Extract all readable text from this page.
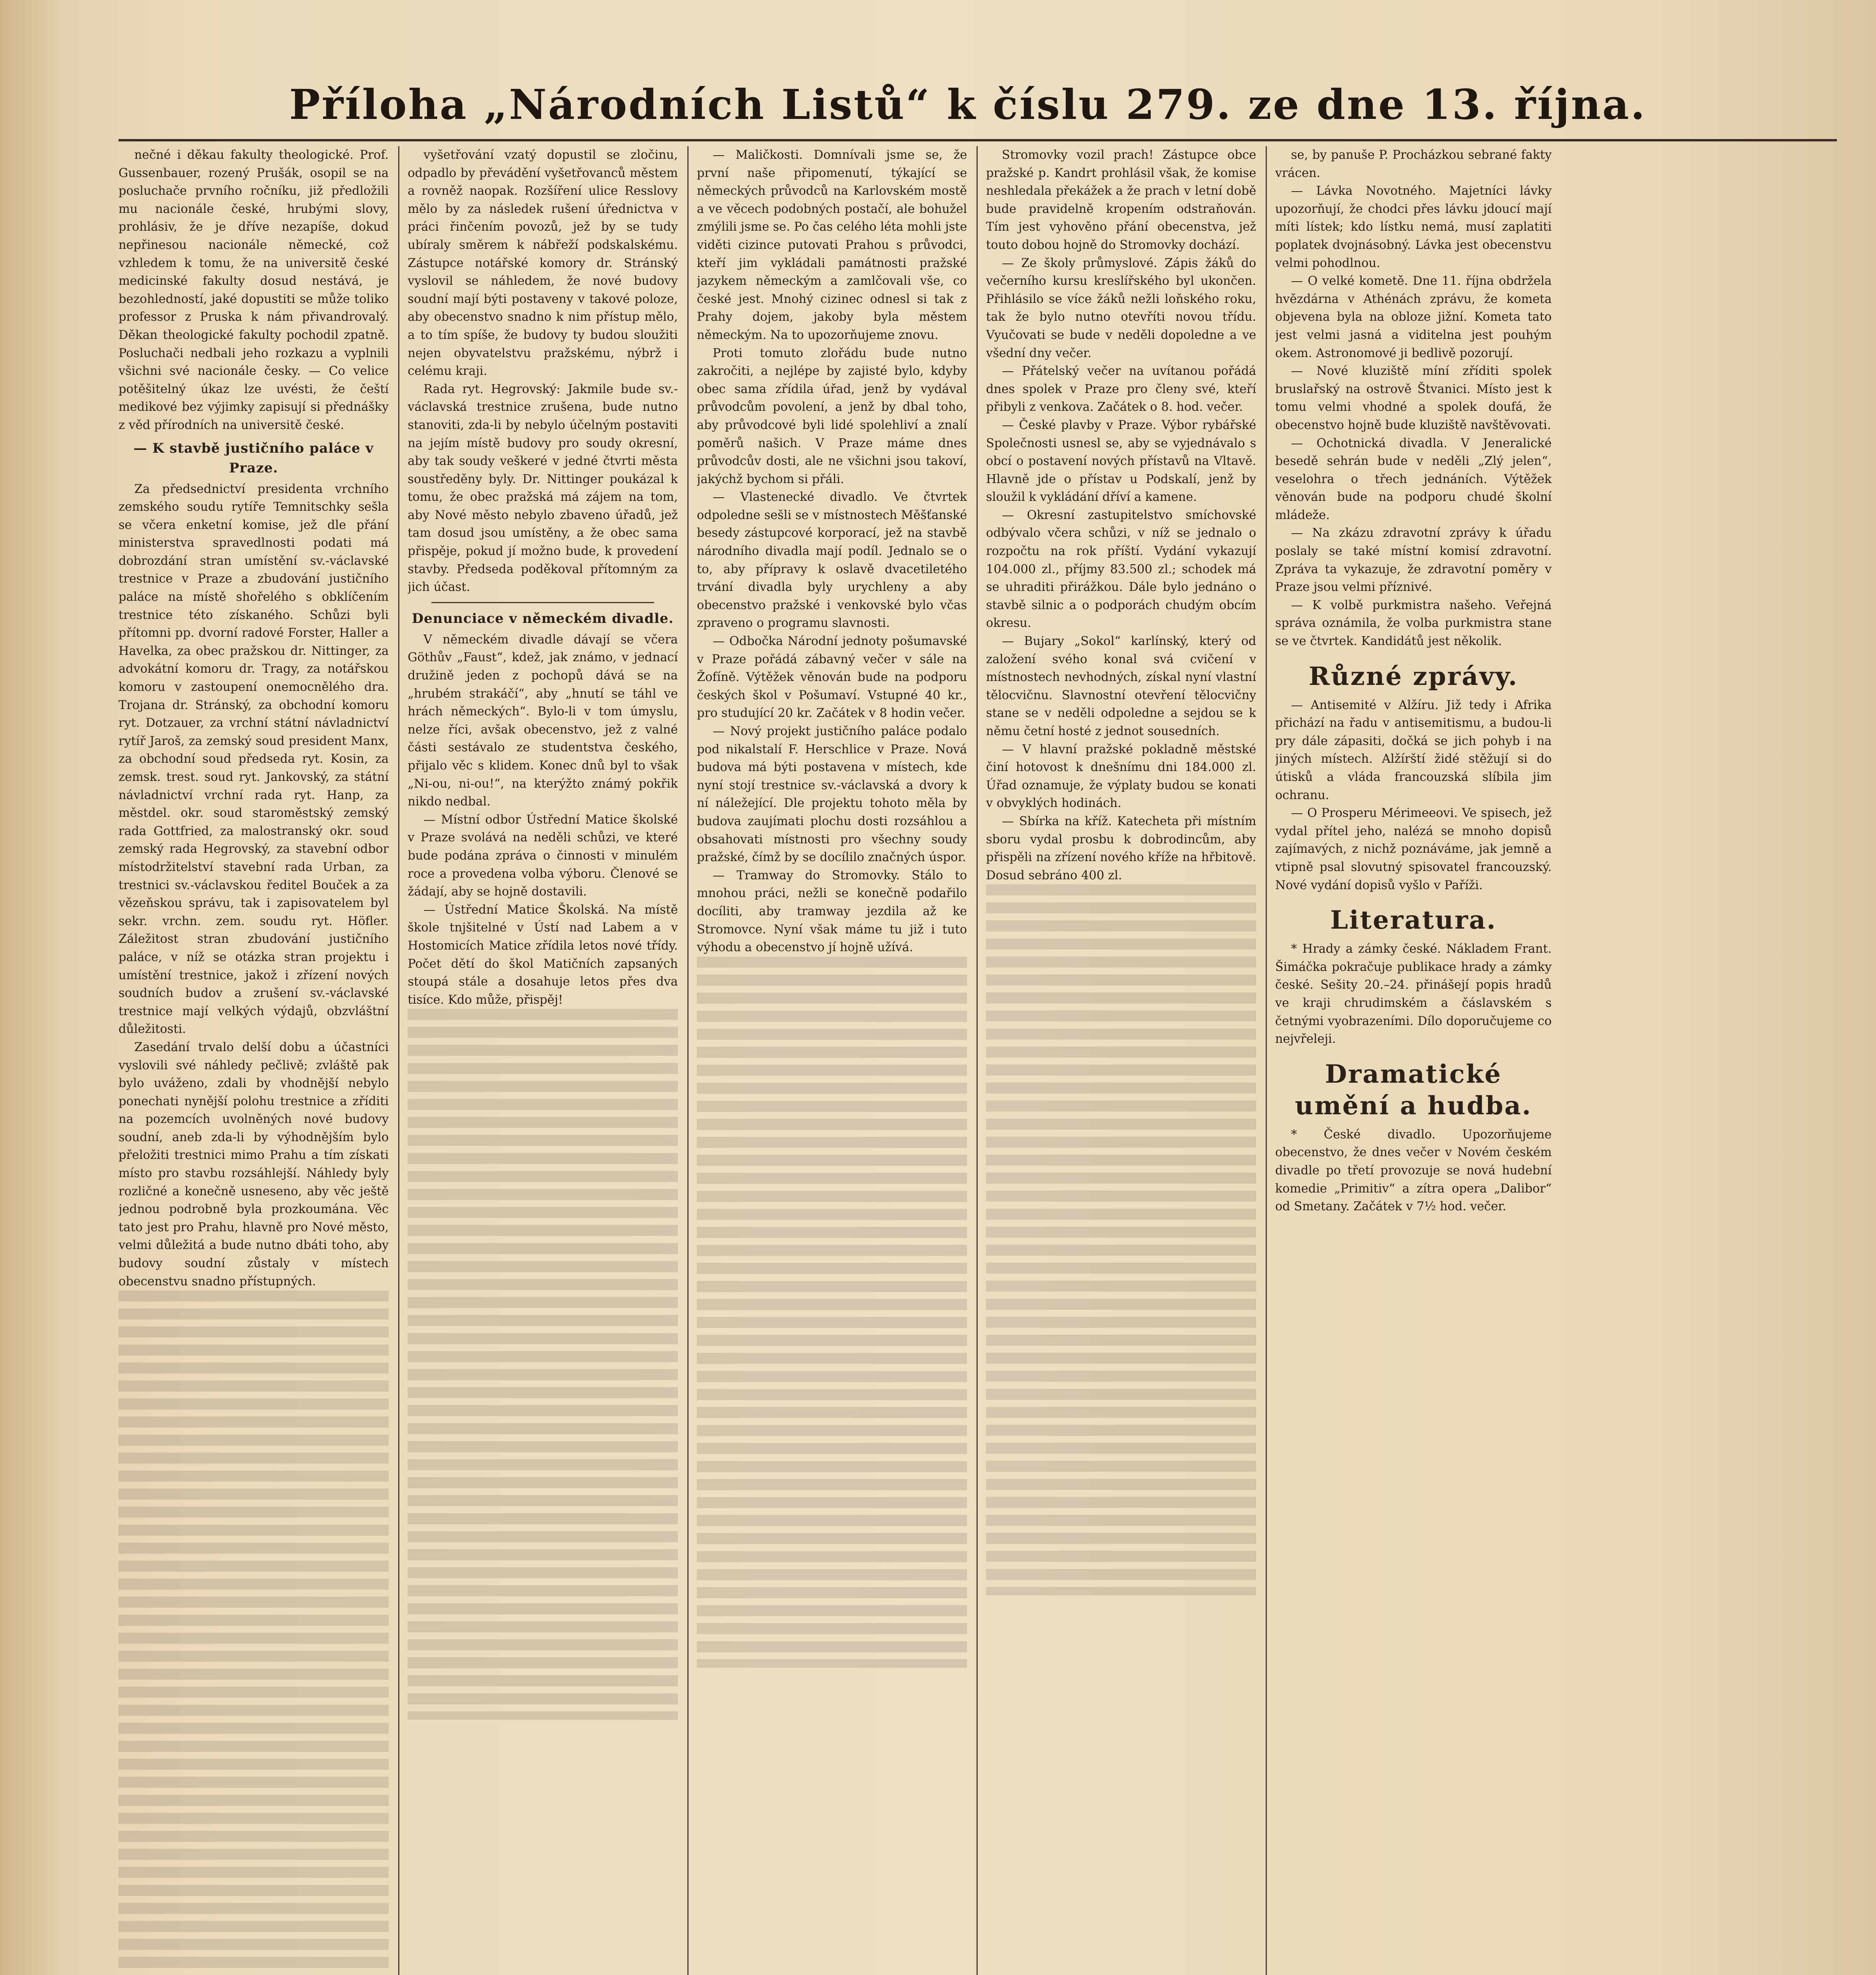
Příloha „Národních Listů“ k číslu 279. ze dne 13. října.

nečné i děkau fakulty theologické. Prof. Gussenbauer, rozený Prušák, osopil se na posluchače prvního ročníku, již předložili mu nacionále české, hrubými slovy, prohlásiv, že je dříve nezapíše, dokud nepřinesou nacionále německé, což vzhledem k tomu, že na universitě české medicinské fakulty dosud nestává, je bezohledností, jaké dopustiti se může toliko professor z Pruska k nám přivandrovalý. Děkan theologické fakulty pochodil zpatně. Posluchači nedbali jeho rozkazu a vyplnili všichni své nacionále česky. — Co velice potěšitelný úkaz lze uvésti, že čeští medikové bez výjimky zapisují si přednášky z věd přírodních na universitě české.

— K stavbě justičního paláce v Praze.

Za předsednictví presidenta vrchního zemského soudu rytíře Temnitschky sešla se včera enketní komise, jež dle přání ministerstva spravedlnosti podati má dobrozdání stran umístění sv.-václavské trestnice v Praze a zbudování justičního paláce na místě shořelého s obklíčením trestnice této získaného. Schůzi byli přítomni pp. dvorní radové Forster, Haller a Havelka, za obec pražskou dr. Nittinger, za advokátní komoru dr. Tragy, za notářskou komoru v zastoupení onemocnělého dra. Trojana dr. Stránský, za obchodní komoru ryt. Dotzauer, za vrchní státní návladnictví rytíř Jaroš, za zemský soud president Manx, za obchodní soud předseda ryt. Kosin, za zemsk. trest. soud ryt. Jankovský, za státní návladnictví vrchní rada ryt. Hanp, za městdel. okr. soud staroměstský zemský rada Gottfried, za malostranský okr. soud zemský rada Hegrovský, za stavební odbor místodržitelství stavební rada Urban, za trestnici sv.-václavskou ředitel Bouček a za vězeňskou správu, tak i zapisovatelem byl sekr. vrchn. zem. soudu ryt. Höfler. Záležitost stran zbudování justičního paláce, v níž se otázka stran projektu i umístění trestnice, jakož i zřízení nových soudních budov a zrušení sv.-václavské trestnice mají velkých výdajů, obzvláštní důležitosti.

Zasedání trvalo delší dobu a účastníci vyslovili své náhledy pečlivě; zvláště pak bylo uváženo, zdali by vhodnější nebylo ponechati nynější polohu trestnice a zříditi na pozemcích uvolněných nové budovy soudní, aneb zda-li by výhodnějším bylo přeložiti trestnici mimo Prahu a tím získati místo pro stavbu rozsáhlejší. Náhledy byly rozličné a konečně usneseno, aby věc ještě jednou podrobně byla prozkoumána. Věc tato jest pro Prahu, hlavně pro Nové město, velmi důležitá a bude nutno dbáti toho, aby budovy soudní zůstaly v místech obecenstvu snadno přístupných.

vyšetřování vzatý dopustil se zločinu, odpadlo by převádění vyšetřovanců městem a rovněž naopak. Rozšíření ulice Resslovy mělo by za následek rušení úřednictva v práci řinčením povozů, jež by se tudy ubíraly směrem k nábřeží podskalskému. Zástupce notářské komory dr. Stránský vyslovil se náhledem, že nové budovy soudní mají býti postaveny v takové poloze, aby obecenstvo snadno k nim přístup mělo, a to tím spíše, že budovy ty budou sloužiti nejen obyvatelstvu pražskému, nýbrž i celému kraji.

Rada ryt. Hegrovský: Jakmile bude sv.-václavská trestnice zrušena, bude nutno stanoviti, zda-li by nebylo účelným postaviti na jejím místě budovy pro soudy okresní, aby tak soudy veškeré v jedné čtvrti města soustředěny byly. Dr. Nittinger poukázal k tomu, že obec pražská má zájem na tom, aby Nové město nebylo zbaveno úřadů, jež tam dosud jsou umístěny, a že obec sama přispěje, pokud jí možno bude, k provedení stavby. Předseda poděkoval přítomným za jich účast.

Denunciace v německém divadle.

V německém divadle dávají se včera Göthův „Faust“, kdež, jak známo, v jednací družině jeden z pochopů dává se na „hrubém strakáčí“, aby „hnutí se táhl ve hrách německých“. Bylo-li v tom úmyslu, nelze říci, avšak obecenstvo, jež z valné části sestávalo ze studentstva českého, přijalo věc s klidem. Konec dnů byl to však „Ni-ou, ni-ou!“, na kterýžto známý pokřik nikdo nedbal.

— Místní odbor Ústřední Matice školské v Praze svolává na neděli schůzi, ve které bude podána zpráva o činnosti v minulém roce a provedena volba výboru. Členové se žádají, aby se hojně dostavili.

— Ústřední Matice Školská. Na místě škole tnjšitelné v Ústí nad Labem a v Hostomicích Matice zřídila letos nové třídy. Počet dětí do škol Matičních zapsaných stoupá stále a dosahuje letos přes dva tisíce. Kdo může, přispěj!

— Maličkosti. Domnívali jsme se, že první naše připomenutí, týkající se německých průvodců na Karlovském mostě a ve věcech podobných postačí, ale bohužel zmýlili jsme se. Po čas celého léta mohli jste viděti cizince putovati Prahou s průvodci, kteří jim vykládali památnosti pražské jazykem německým a zamlčovali vše, co české jest. Mnohý cizinec odnesl si tak z Prahy dojem, jakoby byla městem německým. Na to upozorňujeme znovu.

Proti tomuto zlořádu bude nutno zakročiti, a nejlépe by zajisté bylo, kdyby obec sama zřídila úřad, jenž by vydával průvodcům povolení, a jenž by dbal toho, aby průvodcové byli lidé spolehliví a znalí poměrů našich. V Praze máme dnes průvodcův dosti, ale ne všichni jsou takoví, jakýchž bychom si přáli.

— Vlastenecké divadlo. Ve čtvrtek odpoledne sešli se v místnostech Měšťanské besedy zástupcové korporací, jež na stavbě národního divadla mají podíl. Jednalo se o to, aby přípravy k oslavě dvacetiletého trvání divadla byly urychleny a aby obecenstvo pražské i venkovské bylo včas zpraveno o programu slavnosti.

— Odbočka Národní jednoty pošumavské v Praze pořádá zábavný večer v sále na Žofíně. Výtěžek věnován bude na podporu českých škol v Pošumaví. Vstupné 40 kr., pro studující 20 kr. Začátek v 8 hodin večer.

— Nový projekt justičního paláce podalo pod nikalstalí F. Herschlice v Praze. Nová budova má býti postavena v místech, kde nyní stojí trestnice sv.-václavská a dvory k ní náležející. Dle projektu tohoto měla by budova zaujímati plochu dosti rozsáhlou a obsahovati místnosti pro všechny soudy pražské, čímž by se docílilo značných úspor.

— Tramway do Stromovky. Stálo to mnohou práci, nežli se konečně podařilo docíliti, aby tramway jezdila až ke Stromovce. Nyní však máme tu již i tuto výhodu a obecenstvo jí hojně užívá.

Stromovky vozil prach! Zástupce obce pražské p. Kandrt prohlásil však, že komise neshledala překážek a že prach v letní době bude pravidelně kropením odstraňován. Tím jest vyhověno přání obecenstva, jež touto dobou hojně do Stromovky dochází.

— Ze školy průmyslové. Zápis žáků do večerního kursu kreslířského byl ukončen. Přihlásilo se více žáků nežli loňského roku, tak že bylo nutno otevříti novou třídu. Vyučovati se bude v neděli dopoledne a ve všední dny večer.

— Přátelský večer na uvítanou pořádá dnes spolek v Praze pro členy své, kteří přibyli z venkova. Začátek o 8. hod. večer.

— České plavby v Praze. Výbor rybářské Společnosti usnesl se, aby se vyjednávalo s obcí o postavení nových přístavů na Vltavě. Hlavně jde o přístav u Podskalí, jenž by sloužil k vykládání dříví a kamene.

— Okresní zastupitelstvo smíchovské odbývalo včera schůzi, v níž se jednalo o rozpočtu na rok příští. Vydání vykazují 104.000 zl., příjmy 83.500 zl.; schodek má se uhraditi přirážkou. Dále bylo jednáno o stavbě silnic a o podporách chudým obcím okresu.

— Bujary „Sokol“ karlínský, který od založení svého konal svá cvičení v místnostech nevhodných, získal nyní vlastní tělocvičnu. Slavnostní otevření tělocvičny stane se v neděli odpoledne a sejdou se k němu četní hosté z jednot sousedních.

— V hlavní pražské pokladně městské činí hotovost k dnešnímu dni 184.000 zl. Úřad oznamuje, že výplaty budou se konati v obvyklých hodinách.

— Sbírka na kříž. Katecheta při místním sboru vydal prosbu k dobrodincům, aby přispěli na zřízení nového kříže na hřbitově. Dosud sebráno 400 zl.

se, by panuše P. Procházkou sebrané fakty vrácen.

— Lávka Novotného. Majetníci lávky upozorňují, že chodci přes lávku jdoucí mají míti lístek; kdo lístku nemá, musí zaplatiti poplatek dvojnásobný. Lávka jest obecenstvu velmi pohodlnou.

— O velké kometě. Dne 11. října obdržela hvězdárna v Athénách zprávu, že kometa objevena byla na obloze jižní. Kometa tato jest velmi jasná a viditelna jest pouhým okem. Astronomové ji bedlivě pozorují.

— Nové kluziště míní zříditi spolek bruslařský na ostrově Štvanici. Místo jest k tomu velmi vhodné a spolek doufá, že obecenstvo hojně bude kluziště navštěvovati.

— Ochotnická divadla. V Jeneralické besedě sehrán bude v neděli „Zlý jelen“, veselohra o třech jednáních. Výtěžek věnován bude na podporu chudé školní mládeže.

— Na zkázu zdravotní zprávy k úřadu poslaly se také místní komisí zdravotní. Zpráva ta vykazuje, že zdravotní poměry v Praze jsou velmi příznivé.

— K volbě purkmistra našeho. Veřejná správa oznámila, že volba purkmistra stane se ve čtvrtek. Kandidátů jest několik.

Různé zprávy.

— Antisemité v Alžíru. Již tedy i Afrika přichází na řadu v antisemitismu, a budou-li pry dále zápasiti, dočká se jich pohyb i na jiných místech. Alžírští židé stěžují si do útisků a vláda francouzská slíbila jim ochranu.

— O Prosperu Mérimeeovi. Ve spisech, jež vydal přítel jeho, nalézá se mnoho dopisů zajímavých, z nichž poznáváme, jak jemně a vtipně psal slovutný spisovatel francouzský. Nové vydání dopisů vyšlo v Paříži.

Literatura.

* Hrady a zámky české. Nákladem Frant. Šimáčka pokračuje publikace hrady a zámky české. Sešity 20.–24. přinášejí popis hradů ve kraji chrudimském a čáslavském s četnými vyobrazeními. Dílo doporučujeme co nejvřeleji.

Dramatické umění a hudba.

* České divadlo. Upozorňujeme obecenstvo, že dnes večer v Novém českém divadle po třetí provozuje se nová hudební komedie „Primitiv“ a zítra opera „Dalibor“ od Smetany. Začátek v 7½ hod. večer.
